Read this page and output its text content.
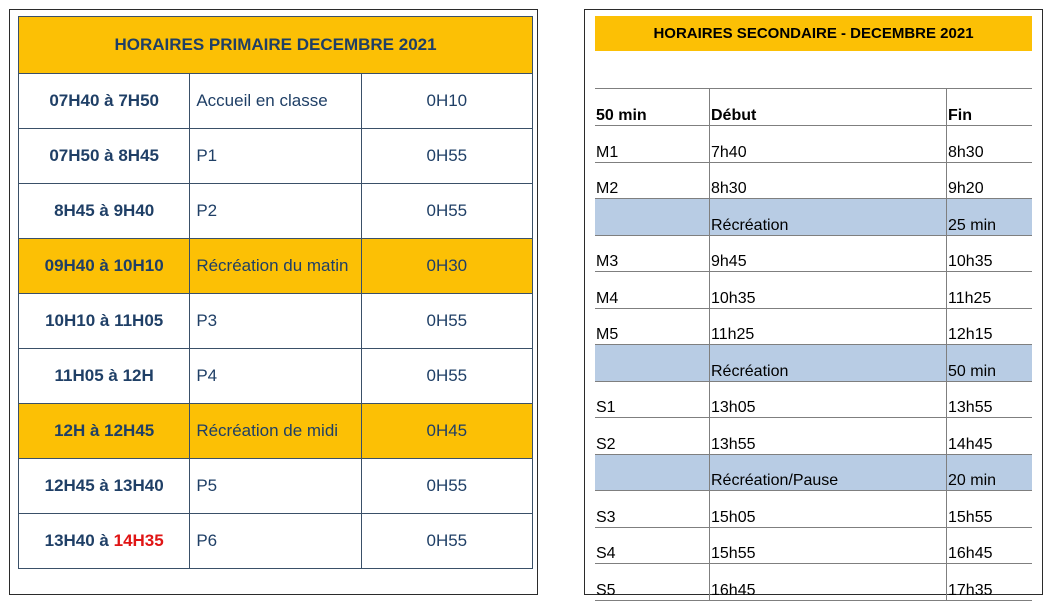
HORAIRES PRIMAIRE DECEMBRE 2021		
07H40 à 7H50	Accueil en classe	0H10
07H50 à 8H45	P1	0H55
8H45 à 9H40	P2	0H55
09H40 à 10H10	Récréation du matin	0H30
10H10 à 11H05	P3	0H55
11H05 à 12H	P4	0H55
12H à 12H45	Récréation de midi	0H45
12H45 à 13H40	P5	0H55
13H40 à 14H35	P6	0H55
HORAIRES SECONDAIRE - DECEMBRE 2021
50 min	Début	Fin
M1	7h40	8h30
M2	8h30	9h20
	Récréation	25 min
M3	9h45	10h35
M4	10h35	11h25
M5	11h25	12h15
	Récréation	50 min
S1	13h05	13h55
S2	13h55	14h45
	Récréation/Pause	20 min
S3	15h05	15h55
S4	15h55	16h45
S5	16h45	17h35
